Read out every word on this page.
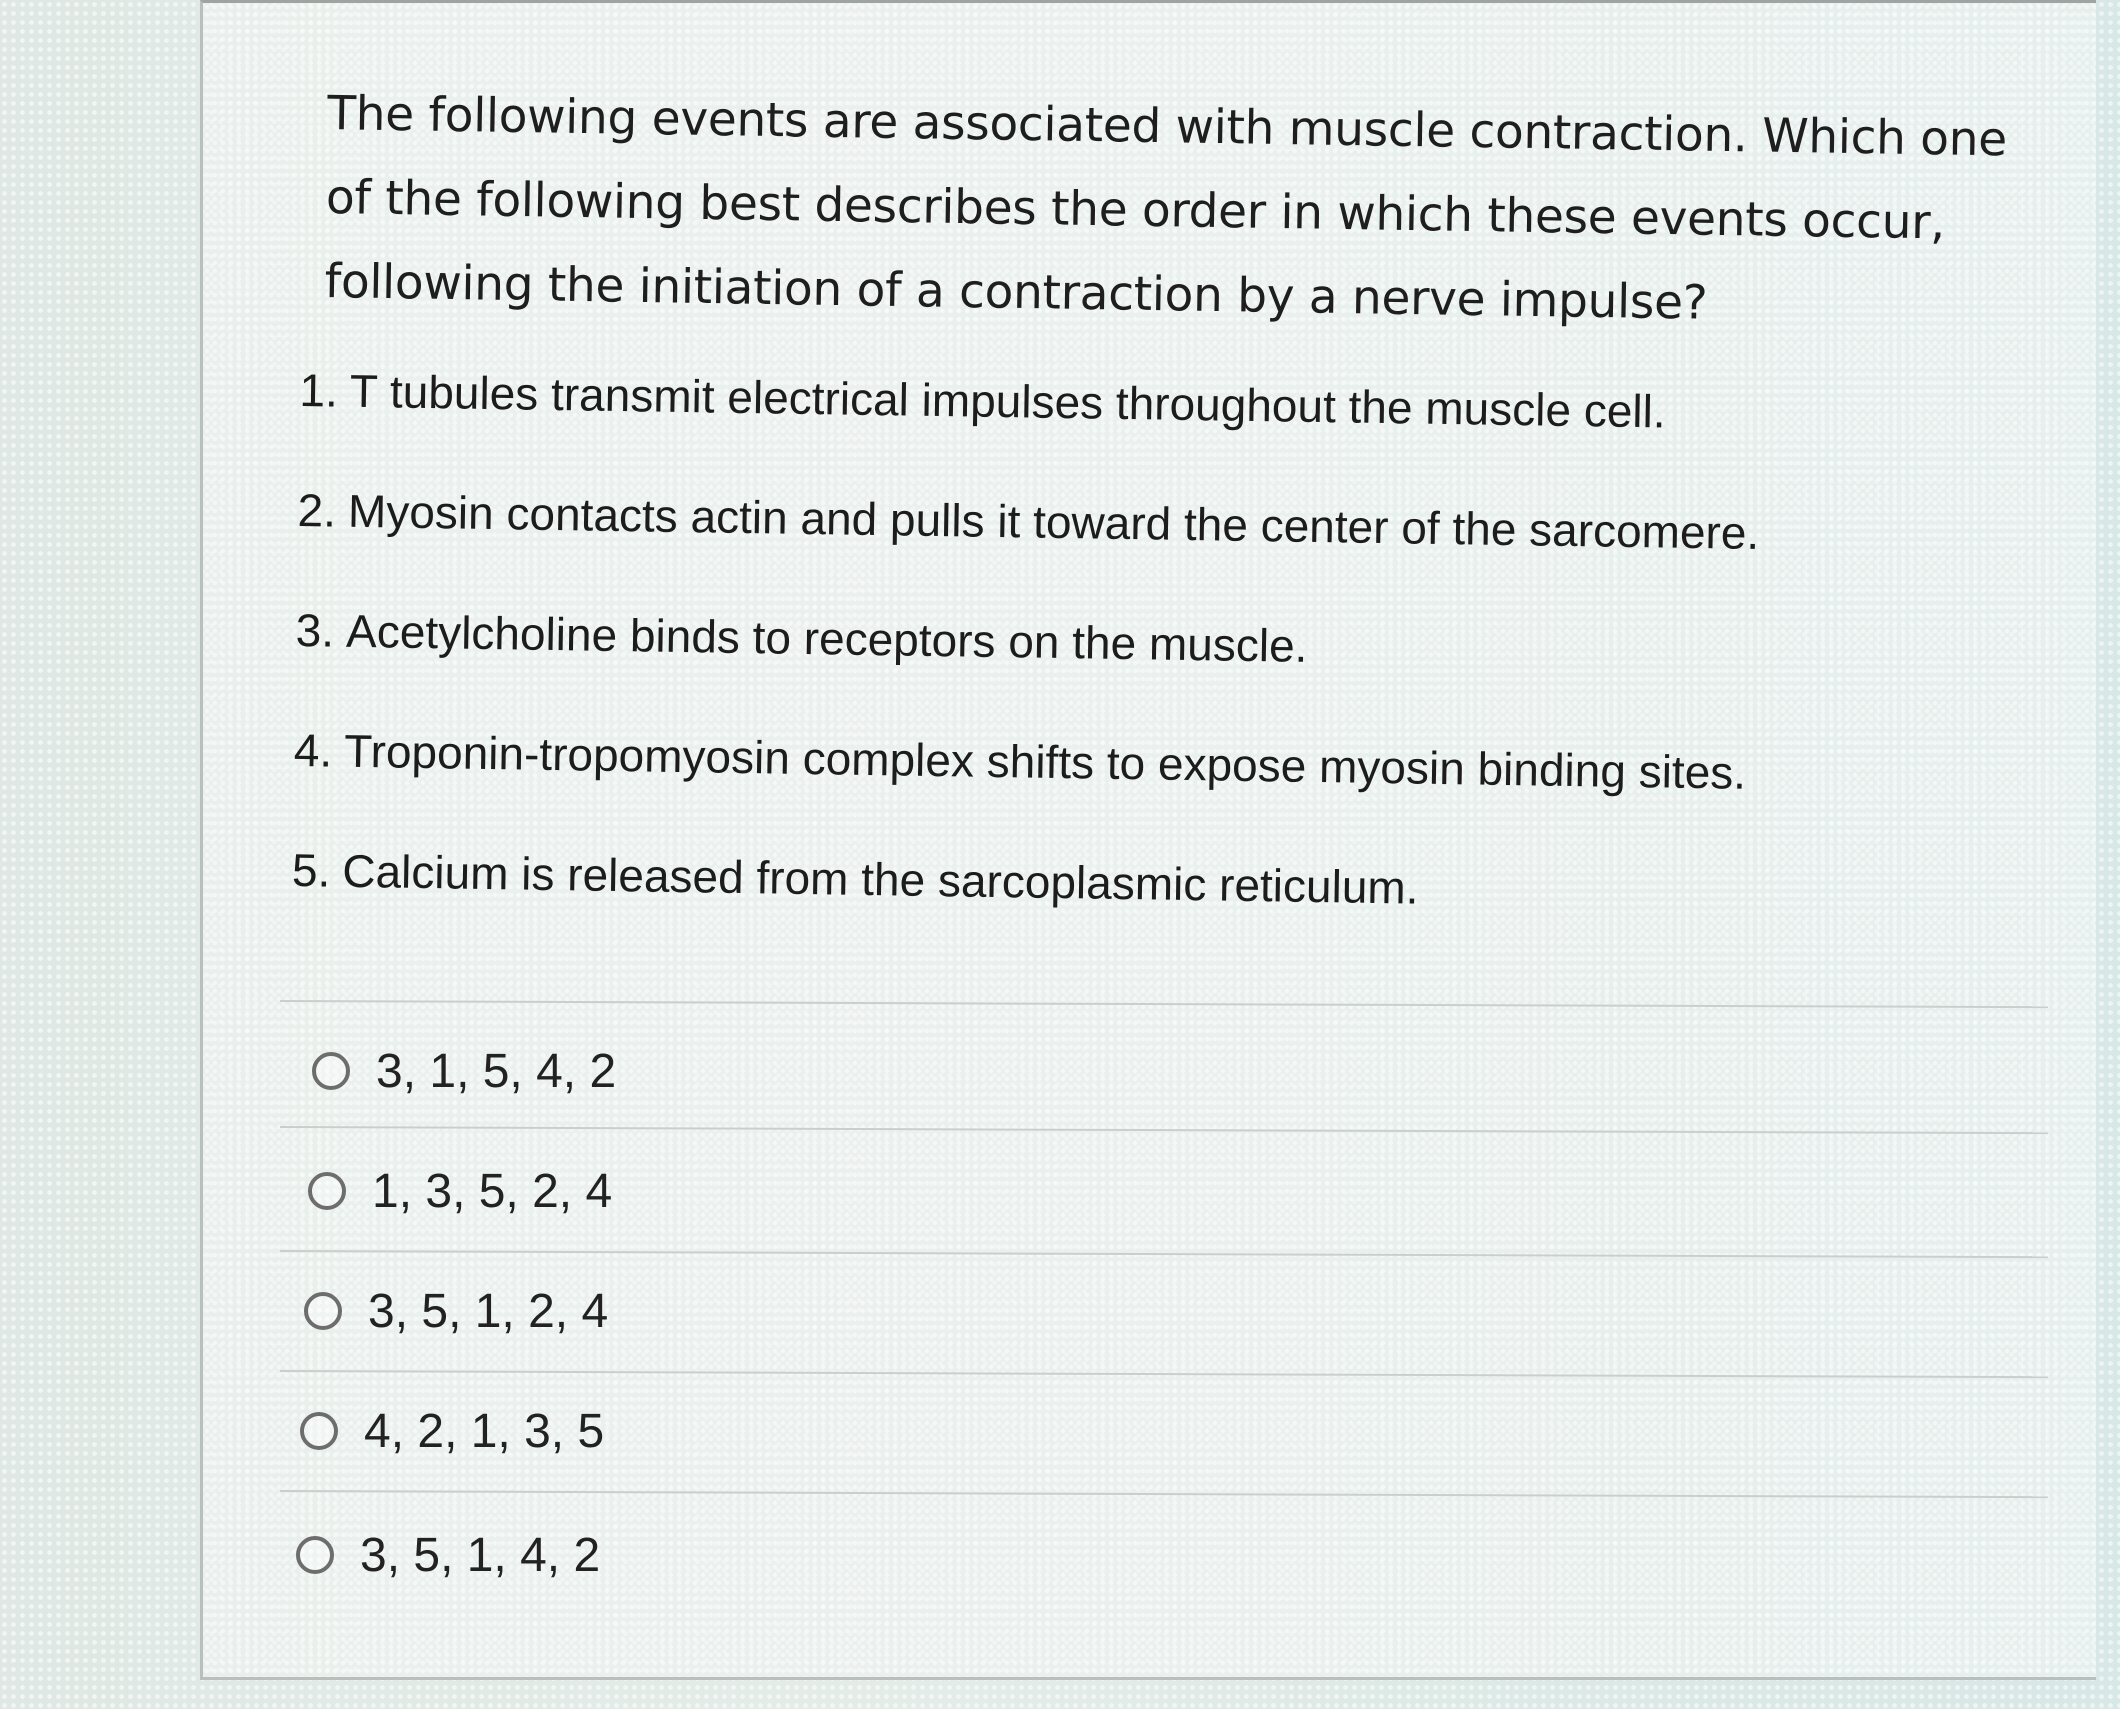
The following events are associated with muscle contraction. Which one of the following best describes the order in which these events occur, following the initiation of a contraction by a nerve impulse?

1. T tubules transmit electrical impulses throughout the muscle cell.
2. Myosin contacts actin and pulls it toward the center of the sarcomere.
3. Acetylcholine binds to receptors on the muscle.
4. Troponin-tropomyosin complex shifts to expose myosin binding sites.
5. Calcium is released from the sarcoplasmic reticulum.
3, 1, 5, 4, 2
1, 3, 5, 2, 4
3, 5, 1, 2, 4
4, 2, 1, 3, 5
3, 5, 1, 4, 2
